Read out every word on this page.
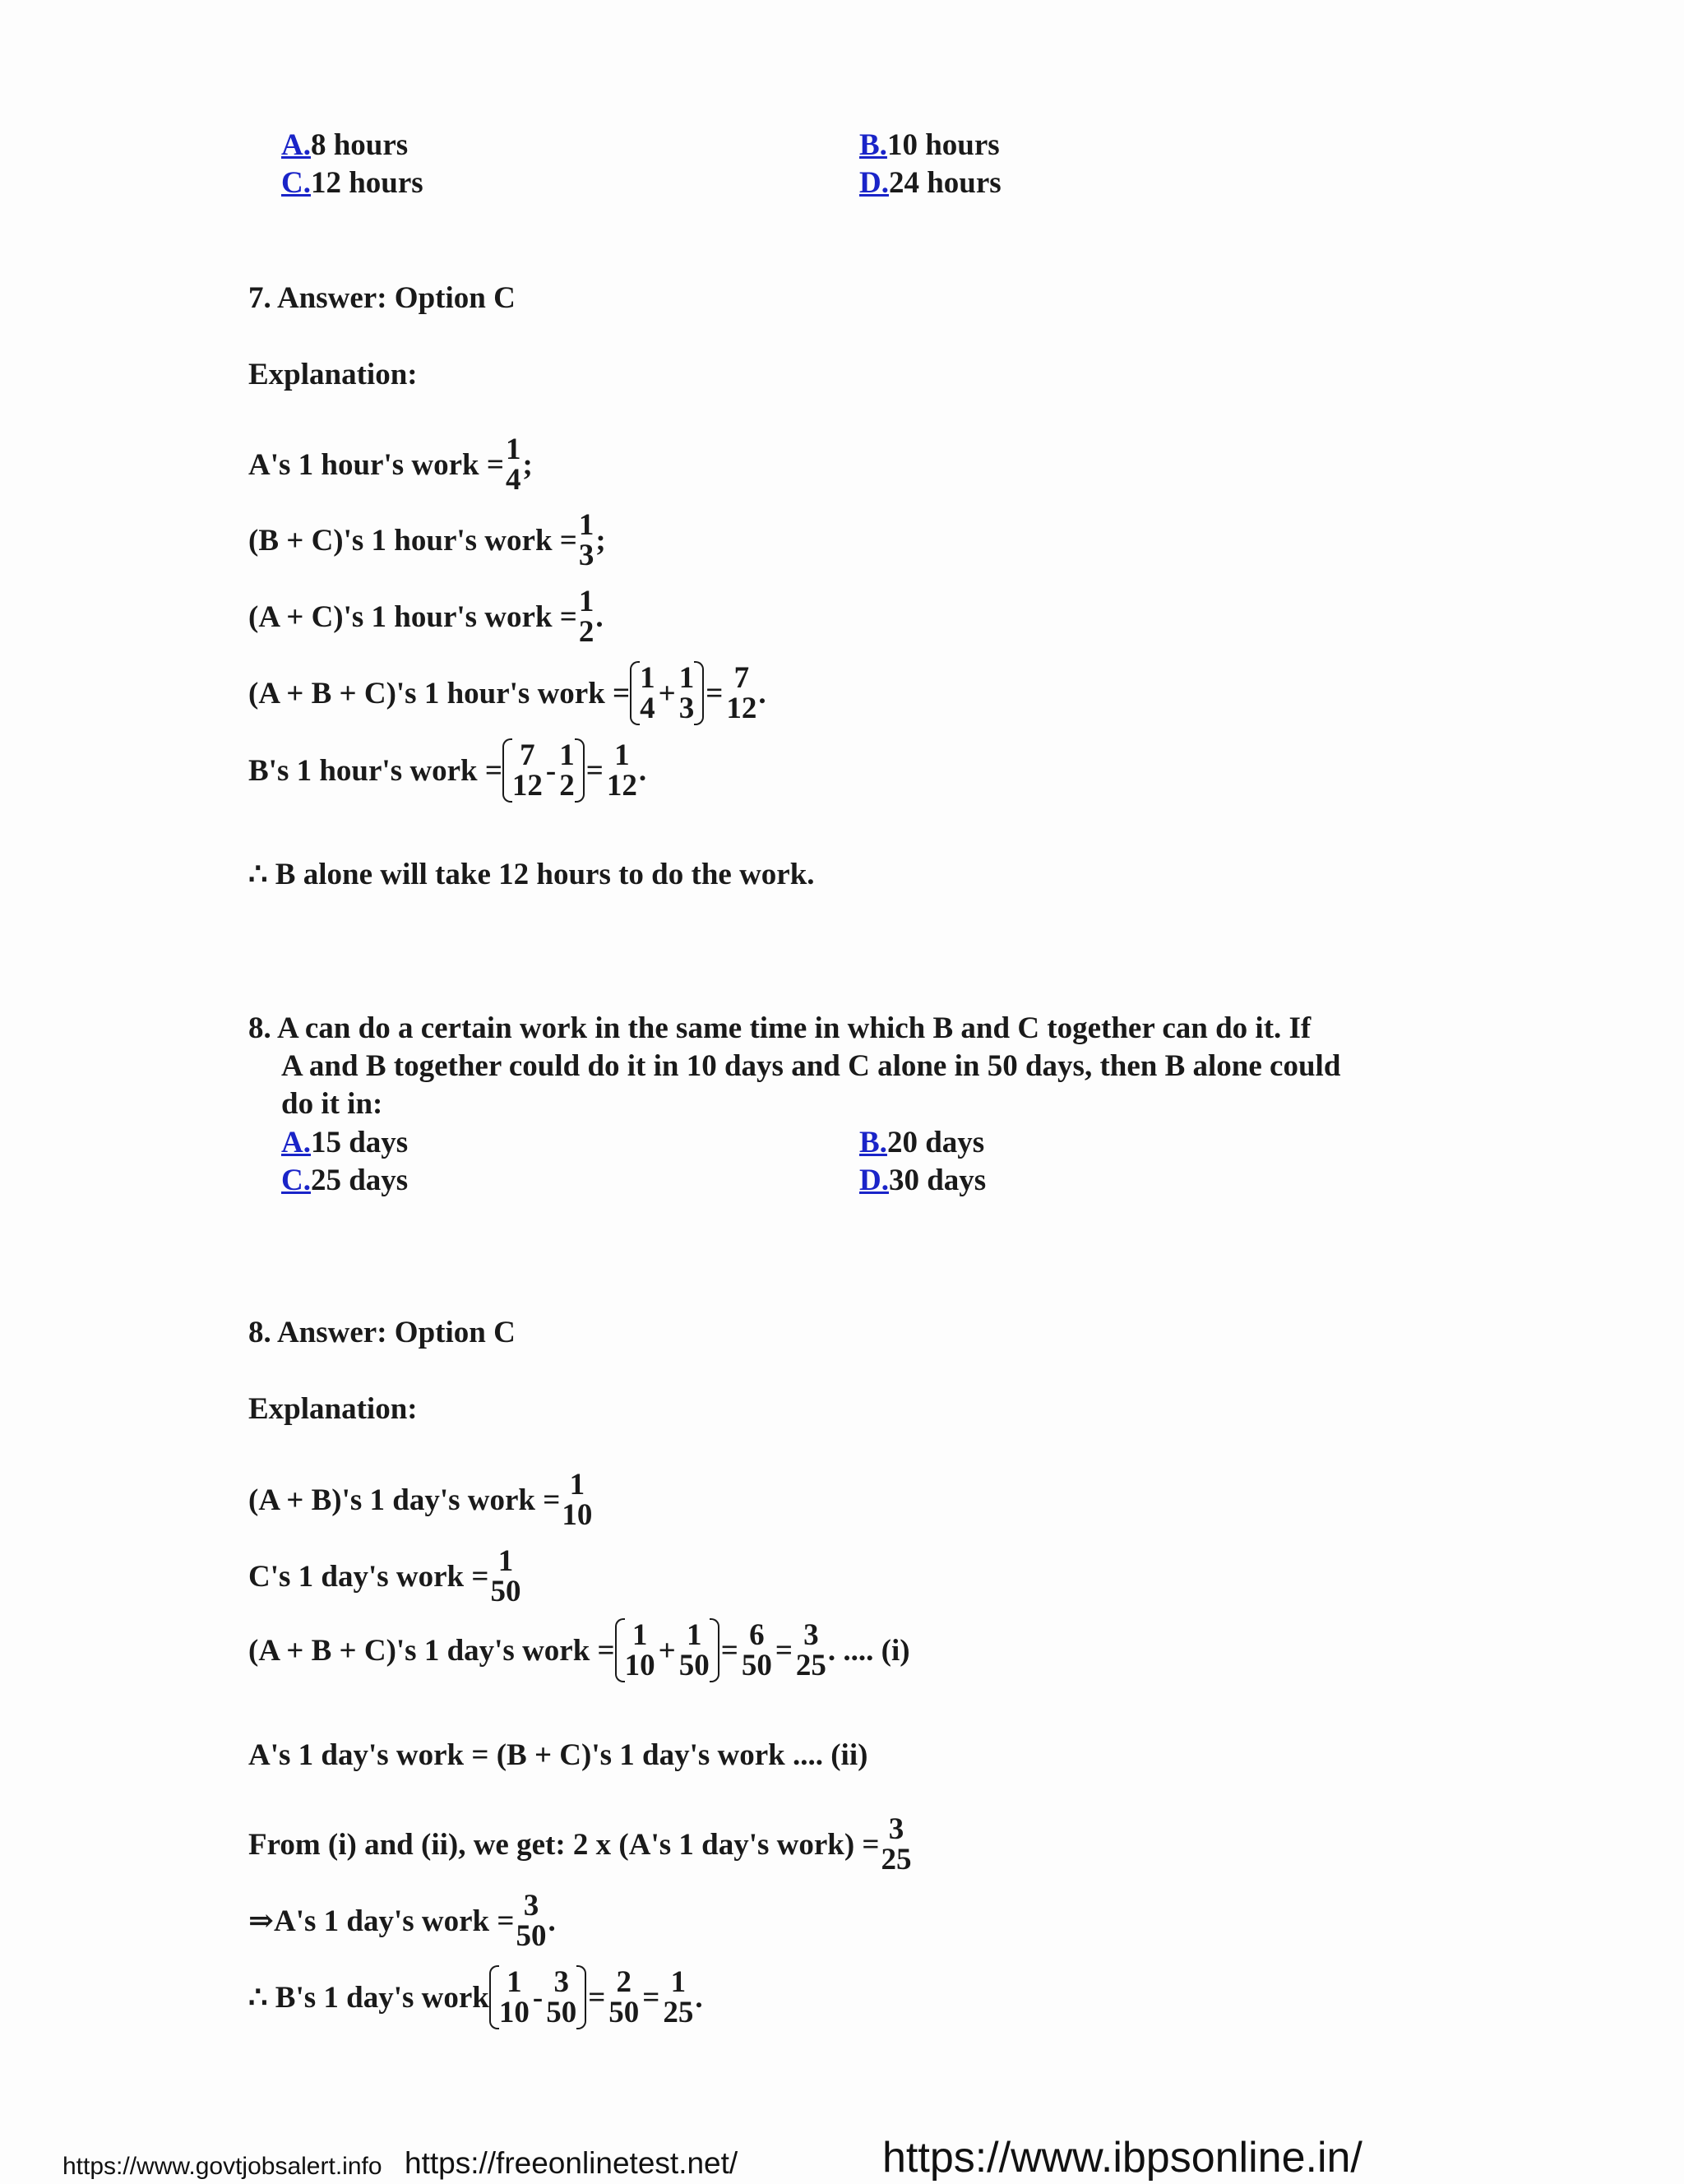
A.8 hours	B.10 hours
C.12 hours	D.24 hours
7. Answer: Option C
Explanation:
A's 1 hour's work = 1
4 ;
(B + C)'s 1 hour's work = 1
3 ;
(A + C)'s 1 hour's work = 1
2 .
(A + B + C)'s 1 hour's work = 1
4 + 1
3 = 7
12 .
B's 1 hour's work = 7
12 - 1
2 = 1
12 .
∴ B alone will take 12 hours to do the work.
8. A can do a certain work in the same time in which B and C together can do it. If
A and B together could do it in 10 days and C alone in 50 days, then B alone could
do it in:
A.15 days	B.20 days
C.25 days	D.30 days
8. Answer: Option C
Explanation:
(A + B)'s 1 day's work = 1
10
C's 1 day's work = 1
50
(A + B + C)'s 1 day's work = 1
10 + 1
50 = 6
50 = 3
25 . .... (i)
A's 1 day's work = (B + C)'s 1 day's work .... (ii)
From (i) and (ii), we get: 2 x (A's 1 day's work) = 3
25
⇒A's 1 day's work = 3
50 .
∴ B's 1 day's work 1
10 - 3
50 = 2
50 = 1
25 .
https://www.govtjobsalert.info https://freeonlinetest.net/	https://www.ibpsonline.in/
